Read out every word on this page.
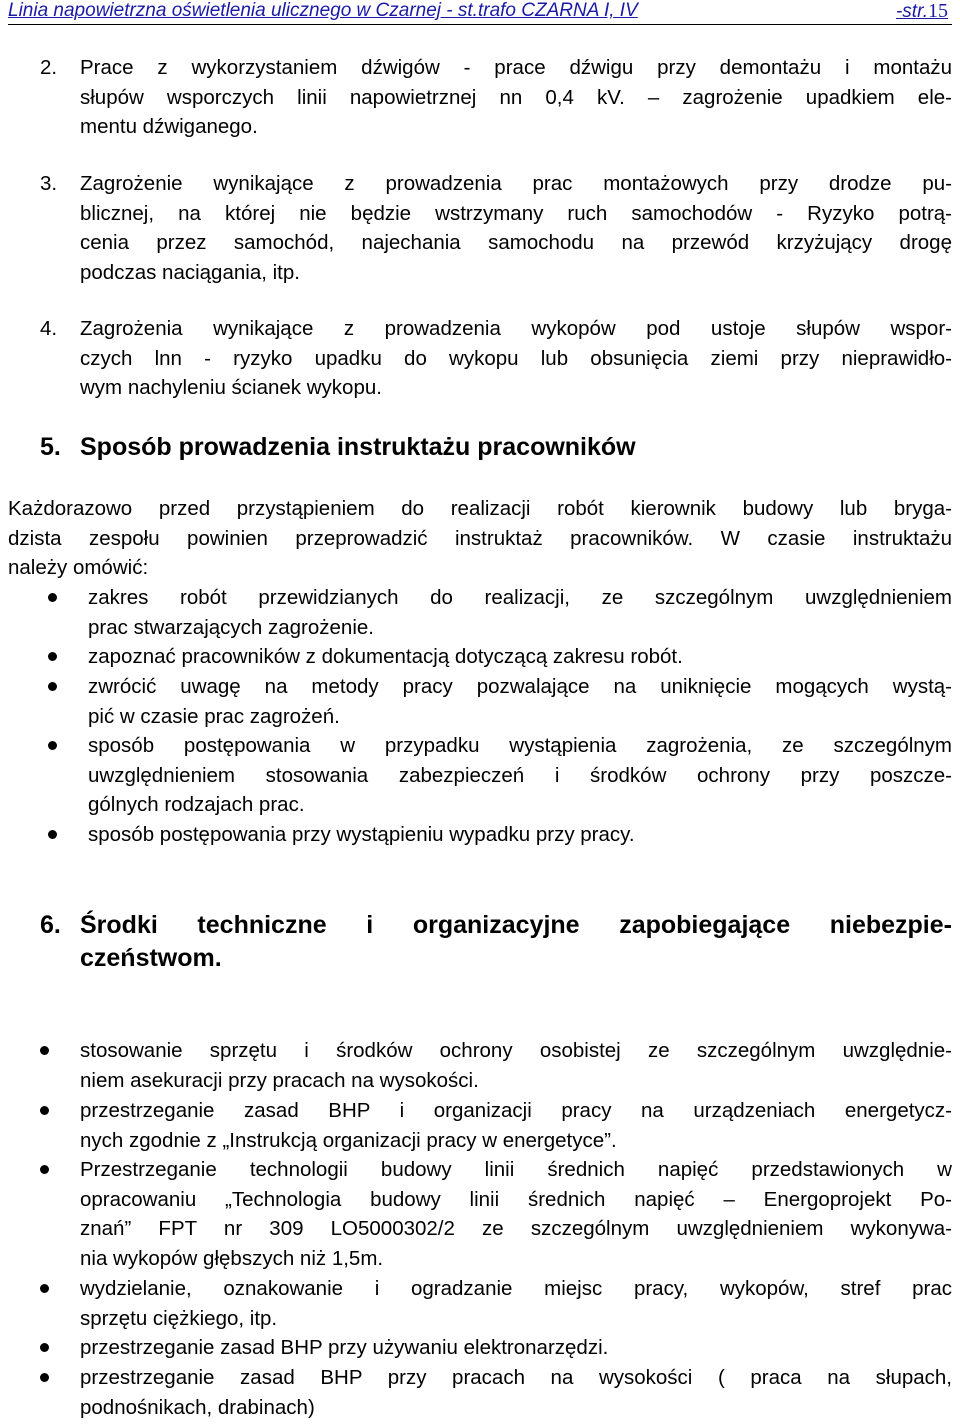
Linia napowietrzna oświetlenia ulicznego w Czarnej - st.trafo CZARNA I, IV	-str.15
2. Prace z wykorzystaniem dźwigów - prace dźwigu przy demontażu i montażu
słupów wsporczych linii napowietrznej nn 0,4 kV. – zagrożenie upadkiem ele-
mentu dźwiganego.
3. Zagrożenie wynikające z prowadzenia prac montażowych przy drodze pu-
blicznej, na której nie będzie wstrzymany ruch samochodów - Ryzyko potrą-
cenia przez samochód, najechania samochodu na przewód krzyżujący drogę
podczas naciągania, itp.
4. Zagrożenia wynikające z prowadzenia wykopów pod ustoje słupów wspor-
czych lnn - ryzyko upadku do wykopu lub obsunięcia ziemi przy nieprawidło-
wym nachyleniu ścianek wykopu.
5. Sposób prowadzenia instruktażu pracowników
Każdorazowo przed przystąpieniem do realizacji robót kierownik budowy lub bryga-
dzista zespołu powinien przeprowadzić instruktaż pracowników. W czasie instruktażu
należy omówić:
zakres robót przewidzianych do realizacji, ze szczególnym uwzględnieniem
prac stwarzających zagrożenie.
zapoznać pracowników z dokumentacją dotyczącą zakresu robót.
zwrócić uwagę na metody pracy pozwalające na uniknięcie mogących wystą-
pić w czasie prac zagrożeń.
sposób postępowania w przypadku wystąpienia zagrożenia, ze szczególnym
uwzględnieniem stosowania zabezpieczeń i środków ochrony przy poszcze-
gólnych rodzajach prac.
sposób postępowania przy wystąpieniu wypadku przy pracy.
6. Środki techniczne i organizacyjne zapobiegające niebezpie-
czeństwom.
stosowanie sprzętu i środków ochrony osobistej ze szczególnym uwzględnie-
niem asekuracji przy pracach na wysokości.
przestrzeganie zasad BHP i organizacji pracy na urządzeniach energetycz-
nych zgodnie z „Instrukcją organizacji pracy w energetyce”.
Przestrzeganie technologii budowy linii średnich napięć przedstawionych w
opracowaniu „Technologia budowy linii średnich napięć – Energoprojekt Po-
znań” FPT nr 309 LO5000302/2 ze szczególnym uwzględnieniem wykonywa-
nia wykopów głębszych niż 1,5m.
wydzielanie, oznakowanie i ogradzanie miejsc pracy, wykopów, stref prac
sprzętu ciężkiego, itp.
przestrzeganie zasad BHP przy używaniu elektronarzędzi.
przestrzeganie zasad BHP przy pracach na wysokości ( praca na słupach,
podnośnikach, drabinach)
